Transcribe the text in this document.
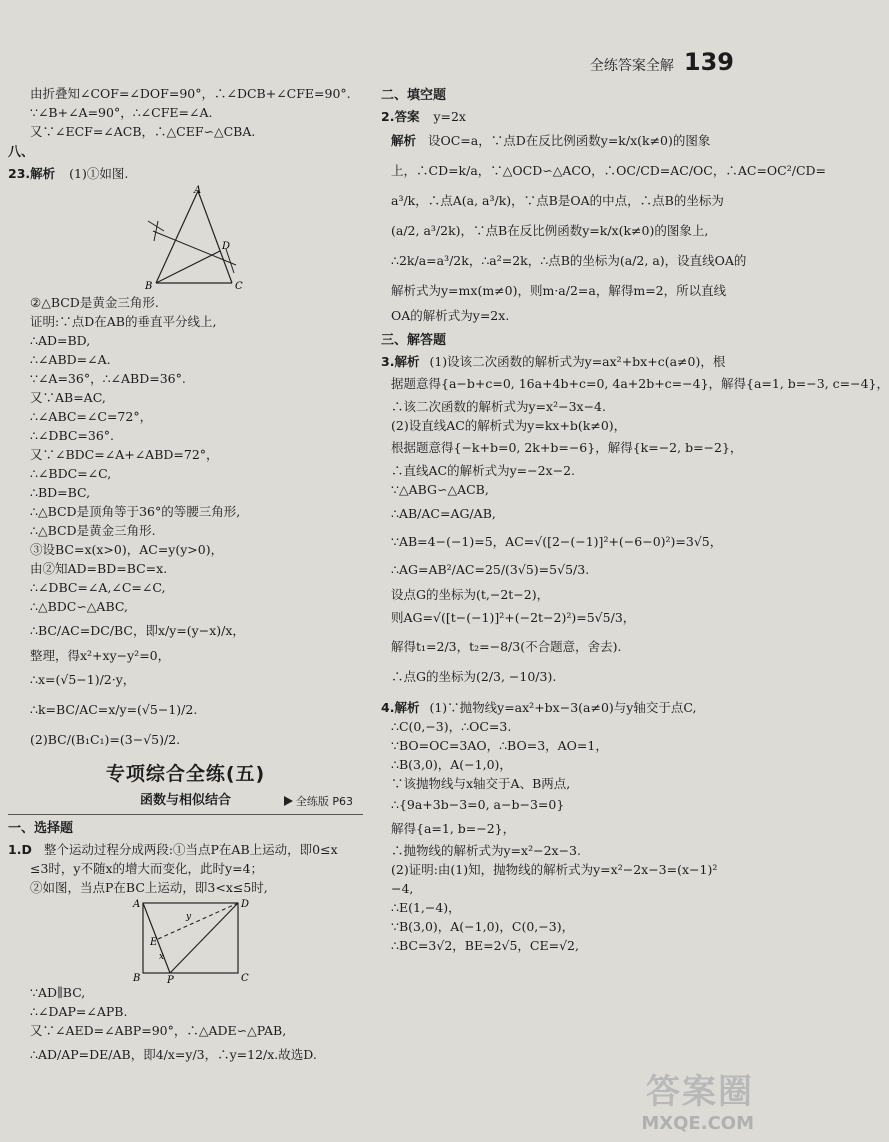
全练答案全解 139
由折叠知∠COF=∠DOF=90°，∴∠DCB+∠CFE=90°.
∵∠B+∠A=90°，∴∠CFE=∠A.
又∵∠ECF=∠ACB，∴△CEF∽△CBA.
八、
23.解析 (1)①如图.
A
B	C
D
②△BCD是黄金三角形.
证明:∵点D在AB的垂直平分线上,
∴AD=BD,
∴∠ABD=∠A.
∵∠A=36°，∴∠ABD=36°.
又∵AB=AC,
∴∠ABC=∠C=72°，
∴∠DBC=36°.
又∵∠BDC=∠A+∠ABD=72°，
∴∠BDC=∠C,
∴BD=BC,
∴△BCD是顶角等于36°的等腰三角形,
∴△BCD是黄金三角形.
③设BC=x(x>0)，AC=y(y>0)，
由②知AD=BD=BC=x.
∴∠DBC=∠A,∠C=∠C,
∴△BDC∽△ABC,
∴BC/AC=DC/BC，即x/y=(y−x)/x，
整理，得x²+xy−y²=0，
∴x=(√5−1)/2·y，
∴k=BC/AC=x/y=(√5−1)/2.
(2)BC/(B₁C₁)=(3−√5)/2.
专项综合全练(五)
函数与相似结合	全练版 P63
一、选择题
1.D 整个运动过程分成两段:①当点P在AB上运动，即0≤x
≤3时，y不随x的增大而变化，此时y=4；
②如图，当点P在BC上运动，即3<x≤5时,
A	D
B	C
P
E
x
y
∵AD∥BC,
∴∠DAP=∠APB.
又∵∠AED=∠ABP=90°，∴△ADE∽△PAB,
∴AD/AP=DE/AB，即4/x=y/3，∴y=12/x.故选D.
二、填空题
2.答案 y=2x
解析 设OC=a，∵点D在反比例函数y=k/x(k≠0)的图象
上，∴CD=k/a，∵△OCD∽△ACO，∴OC/CD=AC/OC，∴AC=OC²/CD=
a³/k，∴点A(a, a³/k)，∵点B是OA的中点，∴点B的坐标为
(a/2, a³/2k)，∵点B在反比例函数y=k/x(k≠0)的图象上,
∴2k/a=a³/2k，∴a²=2k，∴点B的坐标为(a/2, a)，设直线OA的
解析式为y=mx(m≠0)，则m·a/2=a，解得m=2，所以直线
OA的解析式为y=2x.
三、解答题
3.解析 (1)设该二次函数的解析式为y=ax²+bx+c(a≠0)，根
据题意得{a−b+c=0, 16a+4b+c=0, 4a+2b+c=−4}，解得{a=1, b=−3, c=−4}，
∴该二次函数的解析式为y=x²−3x−4.
(2)设直线AC的解析式为y=kx+b(k≠0)，
根据题意得{−k+b=0, 2k+b=−6}，解得{k=−2, b=−2}，
∴直线AC的解析式为y=−2x−2.
∵△ABG∽△ACB,
∴AB/AC=AG/AB,
∵AB=4−(−1)=5，AC=√([2−(−1)]²+(−6−0)²)=3√5，
∴AG=AB²/AC=25/(3√5)=5√5/3.
设点G的坐标为(t,−2t−2)，
则AG=√([t−(−1)]²+(−2t−2)²)=5√5/3，
解得t₁=2/3，t₂=−8/3(不合题意，舍去).
∴点G的坐标为(2/3, −10/3).
4.解析 (1)∵抛物线y=ax²+bx−3(a≠0)与y轴交于点C,
∴C(0,−3)，∴OC=3.
∵BO=OC=3AO，∴BO=3，AO=1，
∴B(3,0)，A(−1,0)，
∵该抛物线与x轴交于A、B两点,
∴{9a+3b−3=0, a−b−3=0}
解得{a=1, b=−2}，
∴抛物线的解析式为y=x²−2x−3.
(2)证明:由(1)知，抛物线的解析式为y=x²−2x−3=(x−1)²
−4,
∴E(1,−4)，
∵B(3,0)，A(−1,0)，C(0,−3)，
∴BC=3√2，BE=2√5，CE=√2,
答案圈
MXQE.COM
